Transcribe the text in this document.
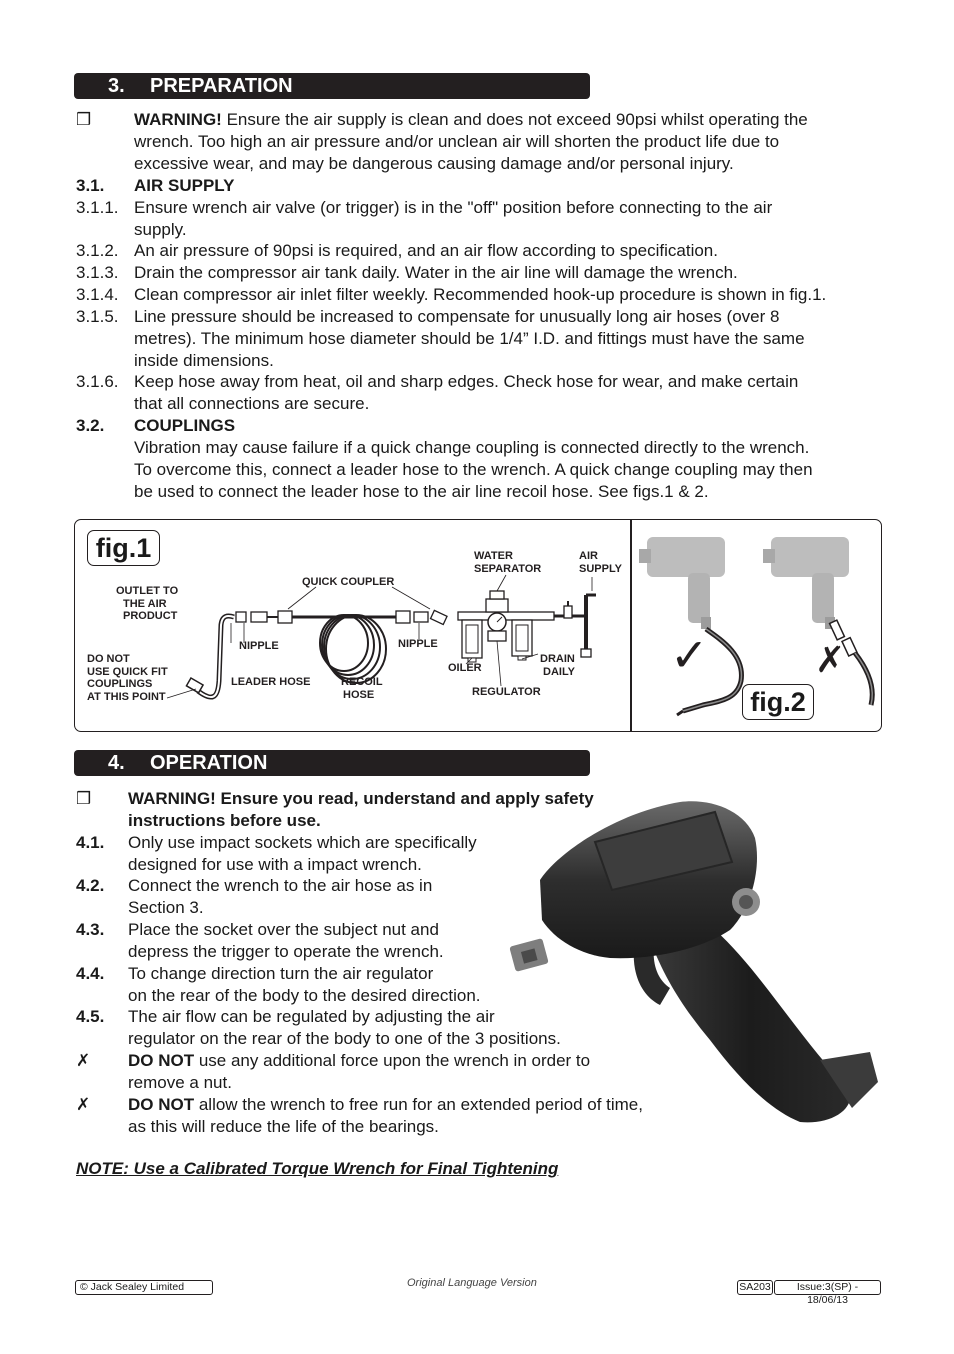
3. PREPARATION
❒	WARNING! Ensure the air supply is clean and does not exceed 90psi whilst operating the
wrench. Too high an air pressure and/or unclean air will shorten the product life due to
excessive wear, and may be dangerous causing damage and/or personal injury.
3.1. AIR SUPPLY
3.1.1. Ensure wrench air valve (or trigger) is in the "off" position before connecting to the air
supply.
3.1.2. An air pressure of 90psi is required, and an air flow according to specification.
3.1.3. Drain the compressor air tank daily. Water in the air line will damage the wrench.
3.1.4. Clean compressor air inlet filter weekly. Recommended hook-up procedure is shown in fig.1.
3.1.5. Line pressure should be increased to compensate for unusually long air hoses (over 8
metres). The minimum hose diameter should be 1/4” I.D. and fittings must have the same
inside dimensions.
3.1.6. Keep hose away from heat, oil and sharp edges. Check hose for wear, and make certain
that all connections are secure.
3.2. COUPLINGS
Vibration may cause failure if a quick change coupling is connected directly to the wrench.
To overcome this, connect a leader hose to the wrench. A quick change coupling may then
be used to connect the leader hose to the air line recoil hose. See figs.1 & 2.
fig.1
OUTLET TO
THE AIR
PRODUCT
QUICK COUPLER
WATER
SEPARATOR
AIR
SUPPLY
NIPPLE	NIPPLE
OILER
DRAIN
DAILY
DO NOT
USE QUICK FIT
COUPLINGS
AT THIS POINT
LEADER HOSE	RECOIL
HOSE	REGULATOR
✓	✗
fig.2
4. OPERATION
❒ WARNING! Ensure you read, understand and apply safety
instructions before use.
4.1. Only use impact sockets which are specifically
designed for use with a impact wrench.
4.2. Connect the wrench to the air hose as in
Section 3.
4.3. Place the socket over the subject nut and
depress the trigger to operate the wrench.
4.4. To change direction turn the air regulator
on the rear of the body to the desired direction.
4.5. The air flow can be regulated by adjusting the air
regulator on the rear of the body to one of the 3 positions.
✗ DO NOT use any additional force upon the wrench in order to
remove a nut.
✗ DO NOT allow the wrench to free run for an extended period of time,
as this will reduce the life of the bearings.
NOTE: Use a Calibrated Torque Wrench for Final Tightening
© Jack Sealey Limited	Original Language Version	SA203	Issue:3(SP) - 18/06/13
